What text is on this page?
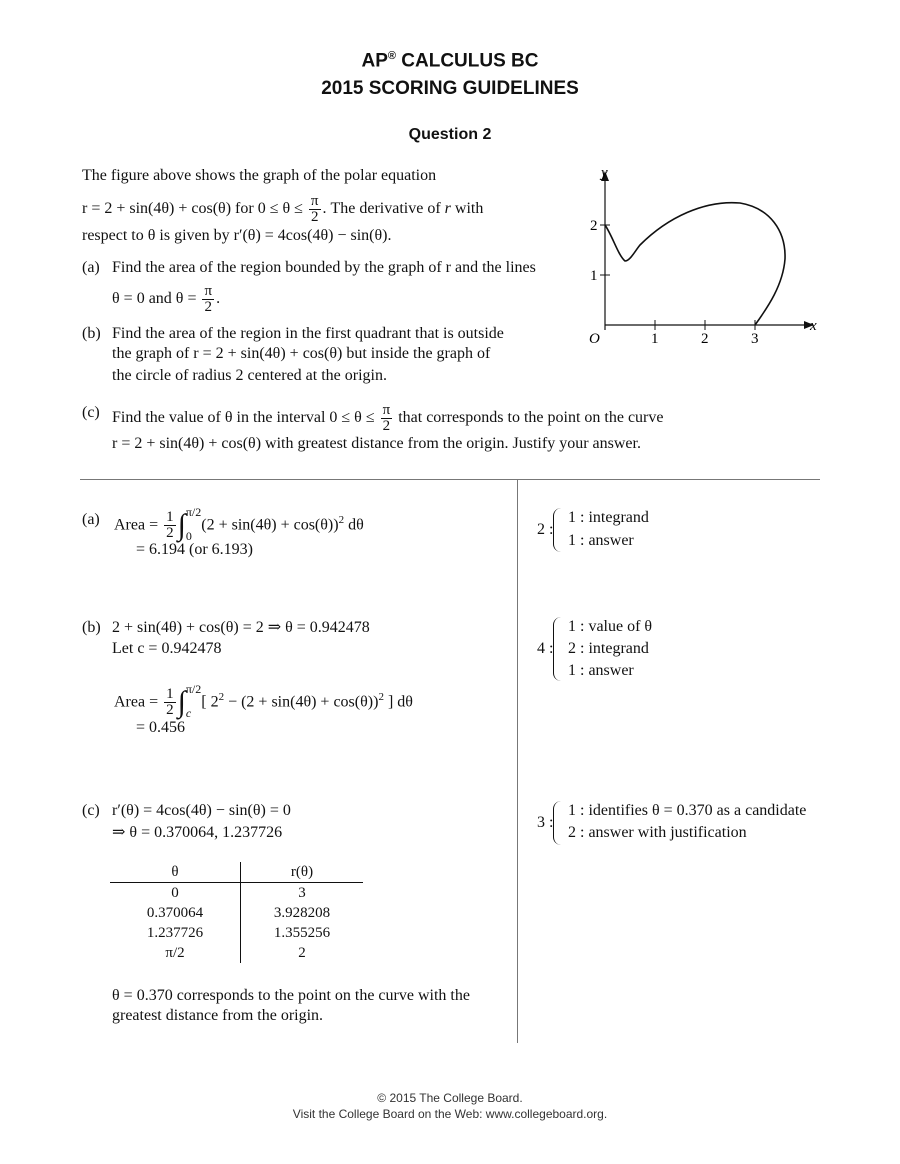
AP® CALCULUS BC
2015 SCORING GUIDELINES
Question 2
The figure above shows the graph of the polar equation
r = 2 + sin(4θ) + cos(θ) for $0 \le \theta \le \frac{\pi}{2}$ . The derivative of r with
respect to θ is given by r′(θ) = 4cos(4θ) − sin(θ).
(a) Find the area of the region bounded by the graph of r and the lines
θ = 0 and $\theta = \frac{\pi}{2}$ .
(b) Find the area of the region in the first quadrant that is outside
the graph of r = 2 + sin(4θ) + cos(θ) but inside the graph of
the circle of radius 2 centered at the origin.
(c) Find the value of θ in the interval $0 \le \theta \le \frac{\pi}{2}$ that corresponds to the point on the curve
r = 2 + sin(4θ) + cos(θ) with greatest distance from the origin. Justify your answer.
y
x
O	1	2	3
1
2
(a) Area = $\frac{1}{2}$ ∫ π/2
0
$(2 + \sin(4\theta) + \cos(\theta))^2$ dθ
= 6.194 (or 6.193)
2 :
1 : integrand
1 : answer
(b) 2 + sin(4θ) + cos(θ) = 2 ⇒ θ = 0.942478
Let c = 0.942478
Area = $\frac{1}{2}$ ∫ π/2
c
[ $2^2 - (2 + \sin(4\theta) + \cos(\theta))^2$ ] dθ
= 0.456
4 :
1 : value of θ
2 : integrand
1 : answer
(c) r′(θ) = 4cos(4θ) − sin(θ) = 0
⇒ θ = 0.370064, 1.237726
θ	r(θ)
0	3
0.370064	3.928208
1.237726	1.355256
π/2	2
θ = 0.370 corresponds to the point on the curve with the
greatest distance from the origin.
3 :
1 : identifies θ = 0.370 as a candidate
2 : answer with justification
© 2015 The College Board.
Visit the College Board on the Web: www.collegeboard.org.
